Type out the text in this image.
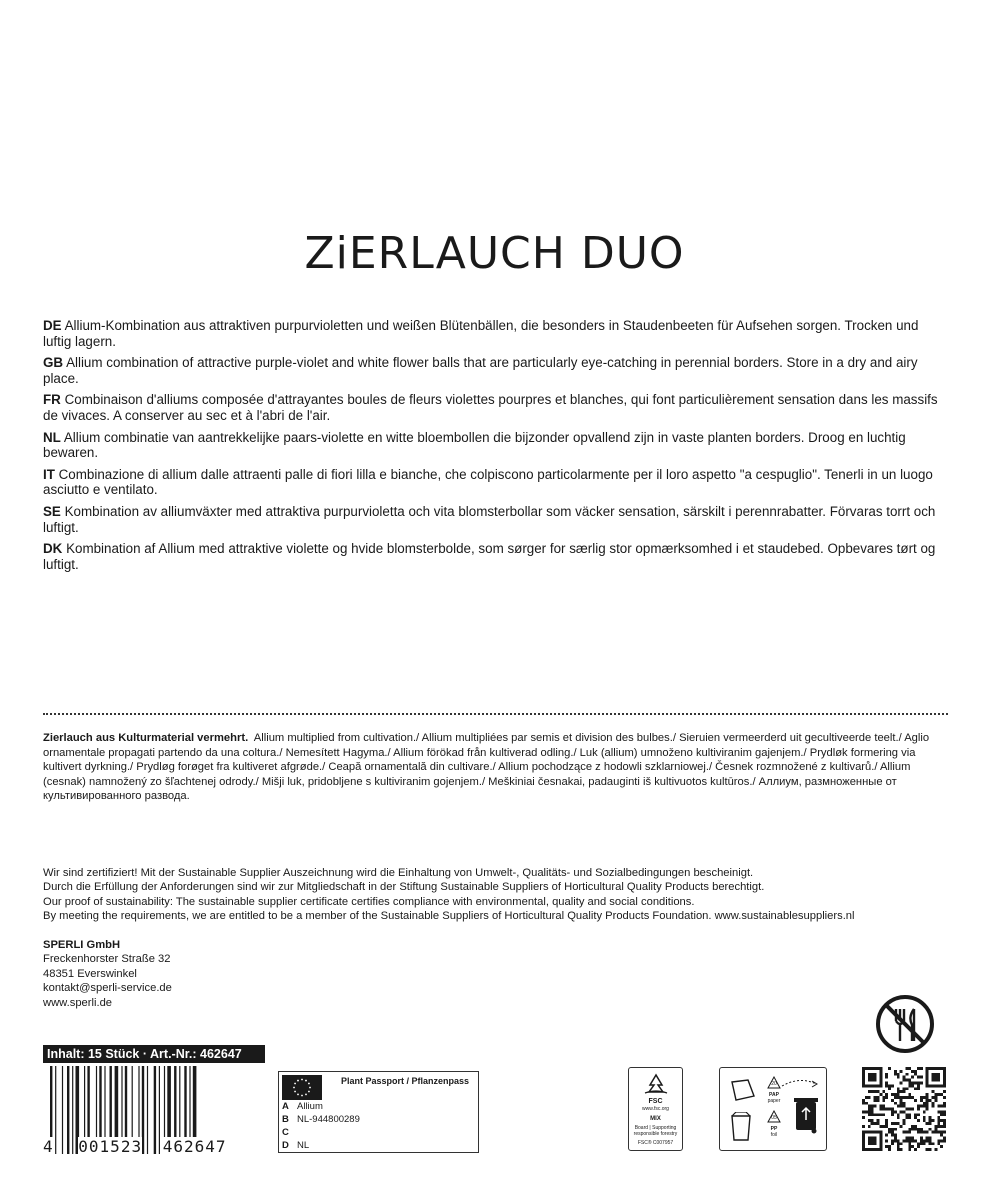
ZiERLAUCH DUO

DE Allium-Kombination aus attraktiven purpurvioletten und weißen Blütenbällen, die besonders in Staudenbeeten für Aufsehen sorgen. Trocken und luftig lagern.

GB Allium combination of attractive purple-violet and white flower balls that are particularly eye-catching in perennial borders. Store in a dry and airy place.

FR Combinaison d'alliums composée d'attrayantes boules de fleurs violettes pourpres et blanches, qui font particulièrement sensation dans les massifs de vivaces. A conserver au sec et à l'abri de l'air.

NL Allium combinatie van aantrekkelijke paars-violette en witte bloembollen die bijzonder opvallend zijn in vaste planten borders. Droog en luchtig bewaren.

IT Combinazione di allium dalle attraenti palle di fiori lilla e bianche, che colpiscono particolarmente per il loro aspetto "a cespuglio". Tenerli in un luogo asciutto e ventilato.

SE Kombination av alliumväxter med attraktiva purpurvioletta och vita blomsterbollar som väcker sensation, särskilt i perennrabatter. Förvaras torrt och luftigt.

DK Kombination af Allium med attraktive violette og hvide blomsterbolde, som sørger for særlig stor opmærksomhed i et staudebed. Opbevares tørt og luftigt.

Zierlauch aus Kulturmaterial vermehrt. Allium multiplied from cultivation./ Allium multipliées par semis et division des bulbes./ Sieruien vermeerderd uit gecultiveerde teelt./ Aglio ornamentale propagati partendo da una coltura./ Nemesített Hagyma./ Allium förökad från kultiverad odling./ Luk (allium) umnoženo kultiviranim gajenjem./ Prydløk formering via kultivert dyrkning./ Prydløg forøget fra kultiveret afgrøde./ Ceapă ornamentală din cultivare./ Allium pochodzące z hodowli szklarniowej./ Česnek rozmnožené z kultivarů./ Allium (cesnak) namnožený zo šľachtenej odrody./ Mišji luk, pridobljene s kultiviranim gojenjem./ Meškiniai česnakai, padauginti iš kultivuotos kultūros./ Аллиум, размноженные от культивированного развода.
Wir sind zertifiziert! Mit der Sustainable Supplier Auszeichnung wird die Einhaltung von Umwelt-, Qualitäts- und Sozialbedingungen bescheinigt.
Durch die Erfüllung der Anforderungen sind wir zur Mitgliedschaft in der Stiftung Sustainable Suppliers of Horticultural Quality Products berechtigt.
Our proof of sustainability: The sustainable supplier certificate certifies compliance with environmental, quality and social conditions.
By meeting the requirements, we are entitled to be a member of the Sustainable Suppliers of Horticultural Quality Products Foundation. www.sustainablesuppliers.nl
SPERLI GmbH
Freckenhorster Straße 32
48351 Everswinkel
kontakt@sperli-service.de
www.sperli.de
Inhalt: 15 Stück · Art.-Nr.: 462647
4 001523 462647
Plant Passport / Pflanzenpass
A Allium
B NL-944800289
C
D NL
FSC
www.fsc.org
MIX
Board | Supporting responsible forestry
FSC® C007957
20
PAP
paper
05
PP
foil
